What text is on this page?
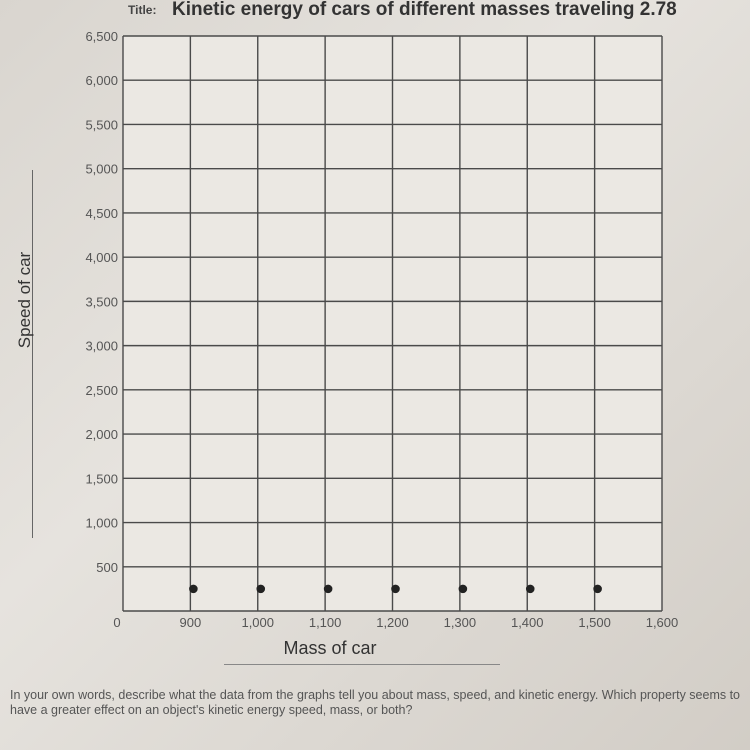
Title: Kinetic energy of cars of different masses traveling 2.78
500
1,000
1,500
2,000
2,500
3,000
3,500
4,000
4,500
5,000
5,500
6,000
6,500
0	900	1,000	1,100	1,200	1,300	1,400	1,500	1,600
Speed of car
Mass of car
In your own words, describe what the data from the graphs tell you about mass, speed, and kinetic energy. Which property seems to have a greater effect on an object's kinetic energy speed, mass, or both?
